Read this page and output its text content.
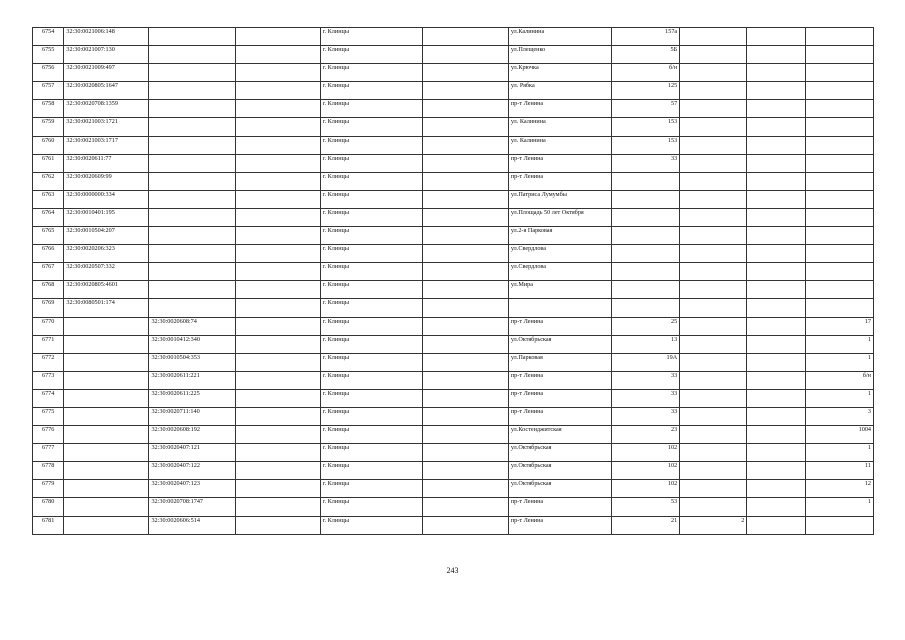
6754	32:30:0021006:148			г. Клинцы		ул.Калинина	157а			
6755	32:30:0021007:130			г. Клинцы		ул.Плещенко	5Б			
6756	32:30:0021009:497			г. Клинцы		ул.Крючка	б/н			
6757	32:30:0020805:1647			г. Клинцы		ул. Рябка	125			
6758	32:30:0020708:1359			г. Клинцы		пр-т Ленина	57			
6759	32:30:0021003:1721			г. Клинцы		ул. Калинина	153			
6760	32:30:0021003:1717			г. Клинцы		ул. Калинина	153			
6761	32:30:0020611:77			г. Клинцы		пр-т Ленина	33			
6762	32:30:0020609:99			г. Клинцы		пр-т Ленина				
6763	32:30:0000000:334			г. Клинцы		ул.Патриса Лумумбы				
6764	32:30:0010401:195			г. Клинцы		ул.Площадь 50 лет Октября				
6765	32:30:0010504:207			г. Клинцы		ул.2-я Парковая				
6766	32:30:0020206:323			г. Клинцы		ул.Свердлова				
6767	32:30:0020507:332			г. Клинцы		ул.Свердлова				
6768	32:30:0020805:4601			г. Клинцы		ул.Мира				
6769	32:30:0080501:174			г. Клинцы						
6770		32:30:0020608:74		г. Клинцы		пр-т Ленина	25			17
6771		32:30:0010412:340		г. Клинцы		ул.Октябрьская	13			1
6772		32:30:0010504:353		г. Клинцы		ул.Парковая	19А			1
6773		32:30:0020611:221		г. Клинцы		пр-т Ленина	33			б/н
6774		32:30:0020611:225		г. Клинцы		пр-т Ленина	33			1
6775		32:30:0020711:140		г. Клинцы		пр-т Ленина	33			3
6776		32:30:0020608:192		г. Клинцы		ул.Костенджитская	23			1004
6777		32:30:0020407:121		г. Клинцы		ул.Октябрьская	102			1
6778		32:30:0020407:122		г. Клинцы		ул.Октябрьская	102			11
6779		32:30:0020407:123		г. Клинцы		ул.Октябрьская	102			12
6780		32:30:0020708:1747		г. Клинцы		пр-т Ленина	53			1
6781		32:30:0020606:514		г. Клинцы		пр-т Ленина	21	2		
243
